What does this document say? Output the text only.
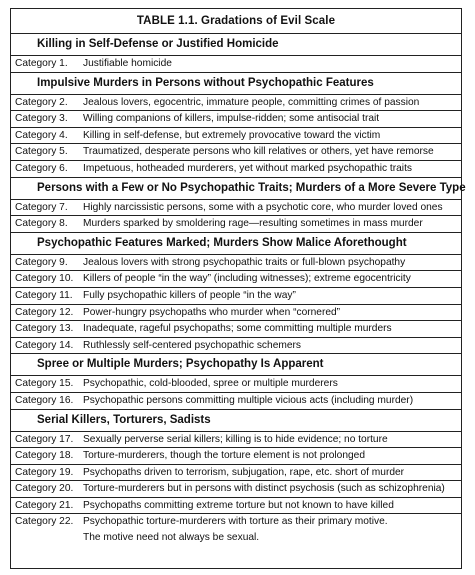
TABLE 1.1. Gradations of Evil Scale
Killing in Self-Defense or Justified Homicide
Category 1.	Justifiable homicide
Impulsive Murders in Persons without Psychopathic Features
Category 2.	Jealous lovers, egocentric, immature people, committing crimes of passion
Category 3.	Willing companions of killers, impulse-ridden; some antisocial trait
Category 4.	Killing in self-defense, but extremely provocative toward the victim
Category 5.	Traumatized, desperate persons who kill relatives or others, yet have remorse
Category 6.	Impetuous, hotheaded murderers, yet without marked psychopathic traits
Persons with a Few or No Psychopathic Traits; Murders of a More Severe Type
Category 7.	Highly narcissistic persons, some with a psychotic core, who murder loved ones
Category 8.	Murders sparked by smoldering rage—resulting sometimes in mass murder
Psychopathic Features Marked; Murders Show Malice Aforethought
Category 9.	Jealous lovers with strong psychopathic traits or full-blown psychopathy
Category 10. Killers of people “in the way” (including witnesses); extreme egocentricity
Category 11.	Fully psychopathic killers of people “in the way”
Category 12. Power-hungry psychopaths who murder when “cornered”
Category 13. Inadequate, rageful psychopaths; some committing multiple murders
Category 14. Ruthlessly self-centered psychopathic schemers
Spree or Multiple Murders; Psychopathy Is Apparent
Category 15. Psychopathic, cold-blooded, spree or multiple murderers
Category 16. Psychopathic persons committing multiple vicious acts (including murder)
Serial Killers, Torturers, Sadists
Category 17. Sexually perverse serial killers; killing is to hide evidence; no torture
Category 18. Torture-murderers, though the torture element is not prolonged
Category 19. Psychopaths driven to terrorism, subjugation, rape, etc. short of murder
Category 20. Torture-murderers but in persons with distinct psychosis (such as schizophrenia)
Category 21. Psychopaths committing extreme torture but not known to have killed
Category 22. Psychopathic torture-murderers with torture as their primary motive.
The motive need not always be sexual.
